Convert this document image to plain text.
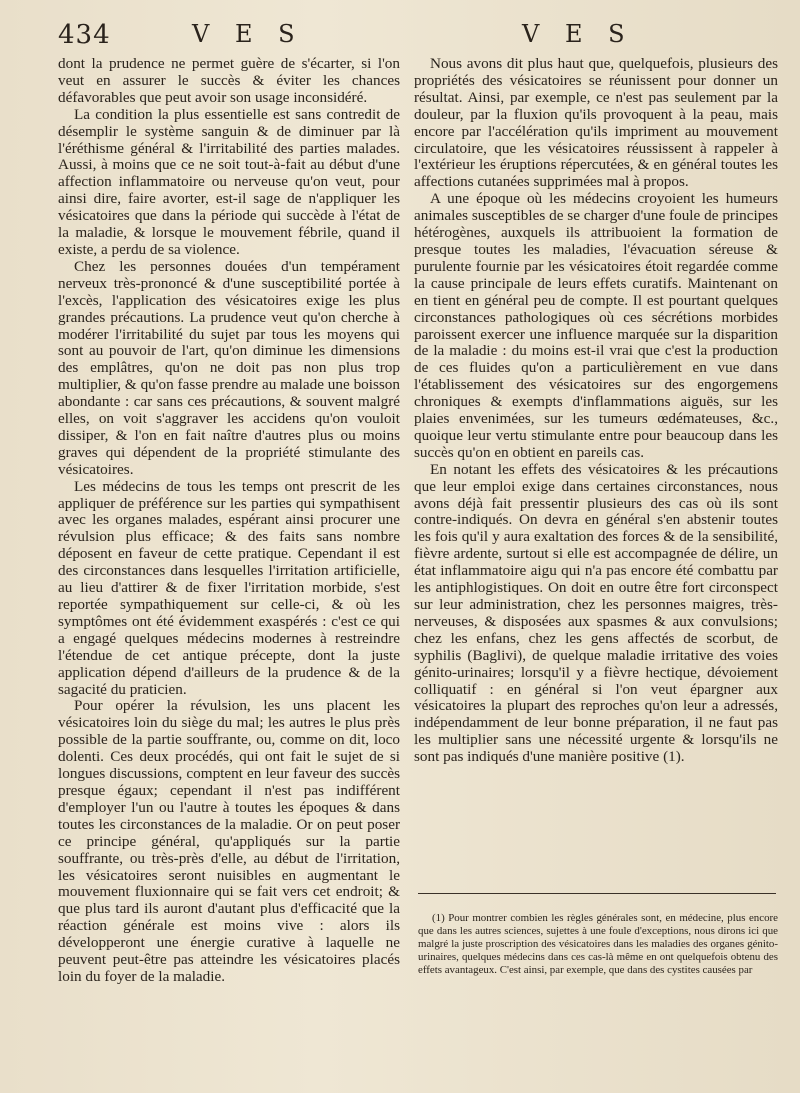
434	V E S	V E S

dont la prudence ne permet guère de s'écarter, si l'on veut en assurer le succès & éviter les chances défavorables que peut avoir son usage inconsidéré.

La condition la plus essentielle est sans contredit de désemplir le système sanguin & de diminuer par là l'éréthisme général & l'irritabilité des parties malades. Aussi, à moins que ce ne soit tout-à-fait au début d'une affection inflammatoire ou nerveuse qu'on veut, pour ainsi dire, faire avorter, est-il sage de n'appliquer les vésicatoires que dans la période qui succède à l'état de la maladie, & lorsque le mouvement fébrile, quand il existe, a perdu de sa violence.

Chez les personnes douées d'un tempérament nerveux très-prononcé & d'une susceptibilité portée à l'excès, l'application des vésicatoires exige les plus grandes précautions. La prudence veut qu'on cherche à modérer l'irritabilité du sujet par tous les moyens qui sont au pouvoir de l'art, qu'on diminue les dimensions des emplâtres, qu'on ne doit pas non plus trop multiplier, & qu'on fasse prendre au malade une boisson abondante : car sans ces précautions, & souvent malgré elles, on voit s'aggraver les accidens qu'on vouloit dissiper, & l'on en fait naître d'autres plus ou moins graves qui dépendent de la propriété stimulante des vésicatoires.

Les médecins de tous les temps ont prescrit de les appliquer de préférence sur les parties qui sympathisent avec les organes malades, espérant ainsi procurer une révulsion plus efficace; & des faits sans nombre déposent en faveur de cette pratique. Cependant il est des circonstances dans lesquelles l'irritation artificielle, au lieu d'attirer & de fixer l'irritation morbide, s'est reportée sympathiquement sur celle-ci, & où les symptômes ont été évidemment exaspérés : c'est ce qui a engagé quelques médecins modernes à restreindre l'étendue de cet antique précepte, dont la juste application dépend d'ailleurs de la prudence & de la sagacité du praticien.

Pour opérer la révulsion, les uns placent les vésicatoires loin du siège du mal; les autres le plus près possible de la partie souffrante, ou, comme on dit, loco dolenti. Ces deux procédés, qui ont fait le sujet de si longues discussions, comptent en leur faveur des succès presque égaux; cependant il n'est pas indifférent d'employer l'un ou l'autre à toutes les époques & dans toutes les circonstances de la maladie. Or on peut poser ce principe général, qu'appliqués sur la partie souffrante, ou très-près d'elle, au début de l'irritation, les vésicatoires seront nuisibles en augmentant le mouvement fluxionnaire qui se fait vers cet endroit; & que plus tard ils auront d'autant plus d'efficacité que la réaction générale est moins vive : alors ils développeront une énergie curative à laquelle ne peuvent peut-être pas atteindre les vésicatoires placés loin du foyer de la maladie.

Nous avons dit plus haut que, quelquefois, plusieurs des propriétés des vésicatoires se réunissent pour donner un résultat. Ainsi, par exemple, ce n'est pas seulement par la douleur, par la fluxion qu'ils provoquent à la peau, mais encore par l'accélération qu'ils impriment au mouvement circulatoire, que les vésicatoires réussissent à rappeler à l'extérieur les éruptions répercutées, & en général toutes les affections cutanées supprimées mal à propos.

A une époque où les médecins croyoient les humeurs animales susceptibles de se charger d'une foule de principes hétérogènes, auxquels ils attribuoient la formation de presque toutes les maladies, l'évacuation séreuse & purulente fournie par les vésicatoires étoit regardée comme la cause principale de leurs effets curatifs. Maintenant on en tient en général peu de compte. Il est pourtant quelques circonstances pathologiques où ces sécrétions morbides paroissent exercer une influence marquée sur la disparition de la maladie : du moins est-il vrai que c'est la production de ces fluides qu'on a particulièrement en vue dans l'établissement des vésicatoires sur des engorgemens chroniques & exempts d'inflammations aiguës, sur les plaies envenimées, sur les tumeurs œdémateuses, &c., quoique leur vertu stimulante entre pour beaucoup dans les succès qu'on en obtient en pareils cas.

En notant les effets des vésicatoires & les précautions que leur emploi exige dans certaines circonstances, nous avons déjà fait pressentir plusieurs des cas où ils sont contre-indiqués. On devra en général s'en abstenir toutes les fois qu'il y aura exaltation des forces & de la sensibilité, fièvre ardente, surtout si elle est accompagnée de délire, un état inflammatoire aigu qui n'a pas encore été combattu par les antiphlogistiques. On doit en outre être fort circonspect sur leur administration, chez les personnes maigres, très-nerveuses, & disposées aux spasmes & aux convulsions; chez les enfans, chez les gens affectés de scorbut, de syphilis (Baglivi), de quelque maladie irritative des voies génito-urinaires; lorsqu'il y a fièvre hectique, dévoiement colliquatif : en général si l'on veut épargner aux vésicatoires la plupart des reproches qu'on leur a adressés, indépendamment de leur bonne préparation, il ne faut pas les multiplier sans une nécessité urgente & lorsqu'ils ne sont pas indiqués d'une manière positive (1).

(1) Pour montrer combien les règles générales sont, en médecine, plus encore que dans les autres sciences, sujettes à une foule d'exceptions, nous dirons ici que malgré la juste proscription des vésicatoires dans les maladies des organes génito-urinaires, quelques médecins dans ces cas-là même en ont quelquefois obtenu des effets avantageux. C'est ainsi, par exemple, que dans des cystites causées par
